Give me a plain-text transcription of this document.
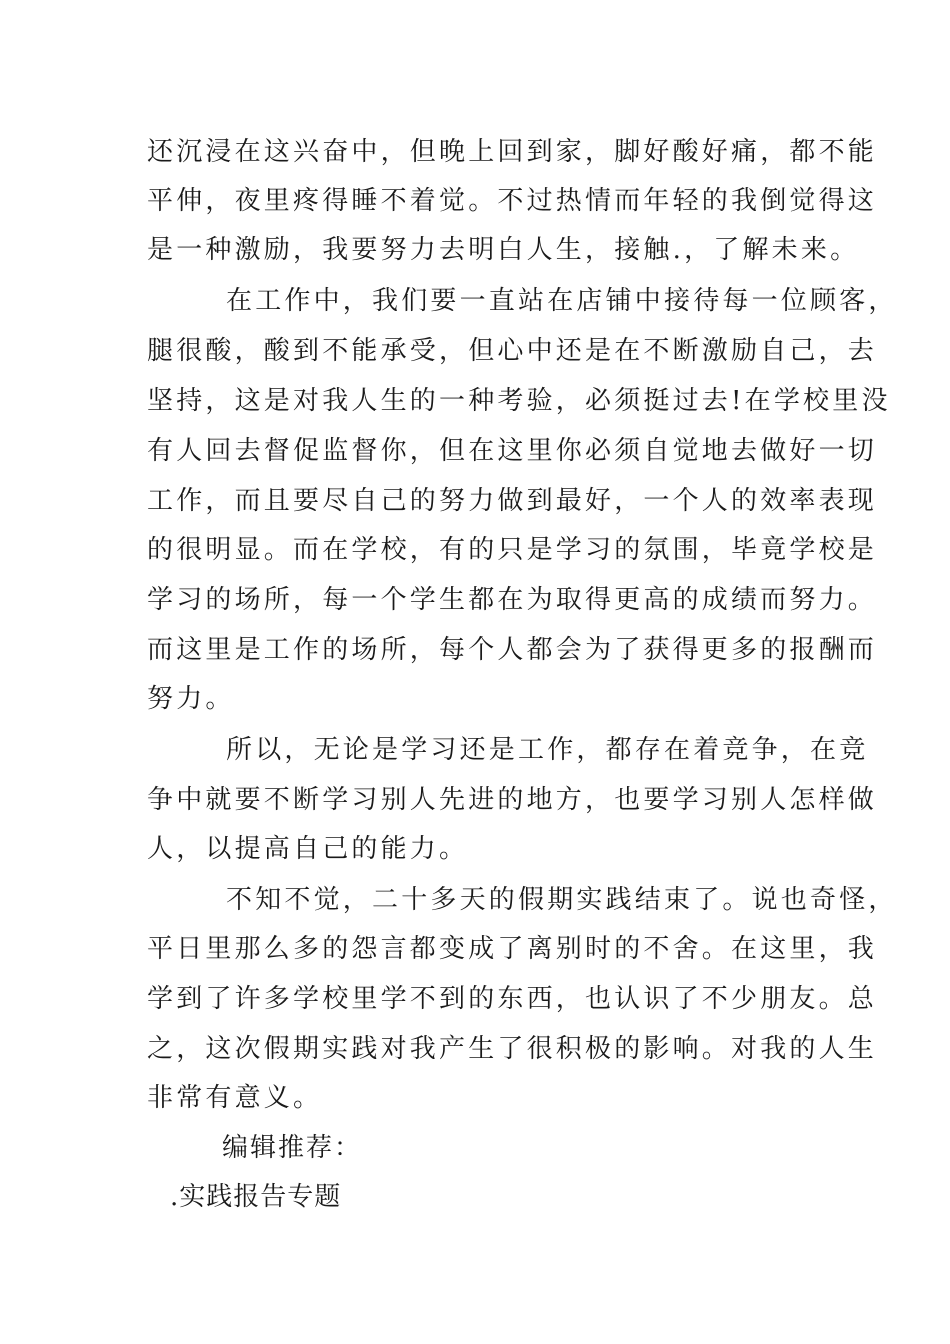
还沉浸在这兴奋中，但晚上回到家，脚好酸好痛，都不能
平伸，夜里疼得睡不着觉。不过热情而年轻的我倒觉得这
是一种激励，我要努力去明白人生，接触.，了解未来。
在工作中，我们要一直站在店铺中接待每一位顾客，
腿很酸，酸到不能承受，但心中还是在不断激励自己，去
坚持，这是对我人生的一种考验，必须挺过去!在学校里没
有人回去督促监督你，但在这里你必须自觉地去做好一切
工作，而且要尽自己的努力做到最好，一个人的效率表现
的很明显。而在学校，有的只是学习的氛围，毕竟学校是
学习的场所，每一个学生都在为取得更高的成绩而努力。
而这里是工作的场所，每个人都会为了获得更多的报酬而
努力。
所以，无论是学习还是工作，都存在着竞争，在竞
争中就要不断学习别人先进的地方，也要学习别人怎样做
人，以提高自己的能力。
不知不觉，二十多天的假期实践结束了。说也奇怪，
平日里那么多的怨言都变成了离别时的不舍。在这里，我
学到了许多学校里学不到的东西，也认识了不少朋友。总
之，这次假期实践对我产生了很积极的影响。对我的人生
非常有意义。
编辑推荐：
.实践报告专题
